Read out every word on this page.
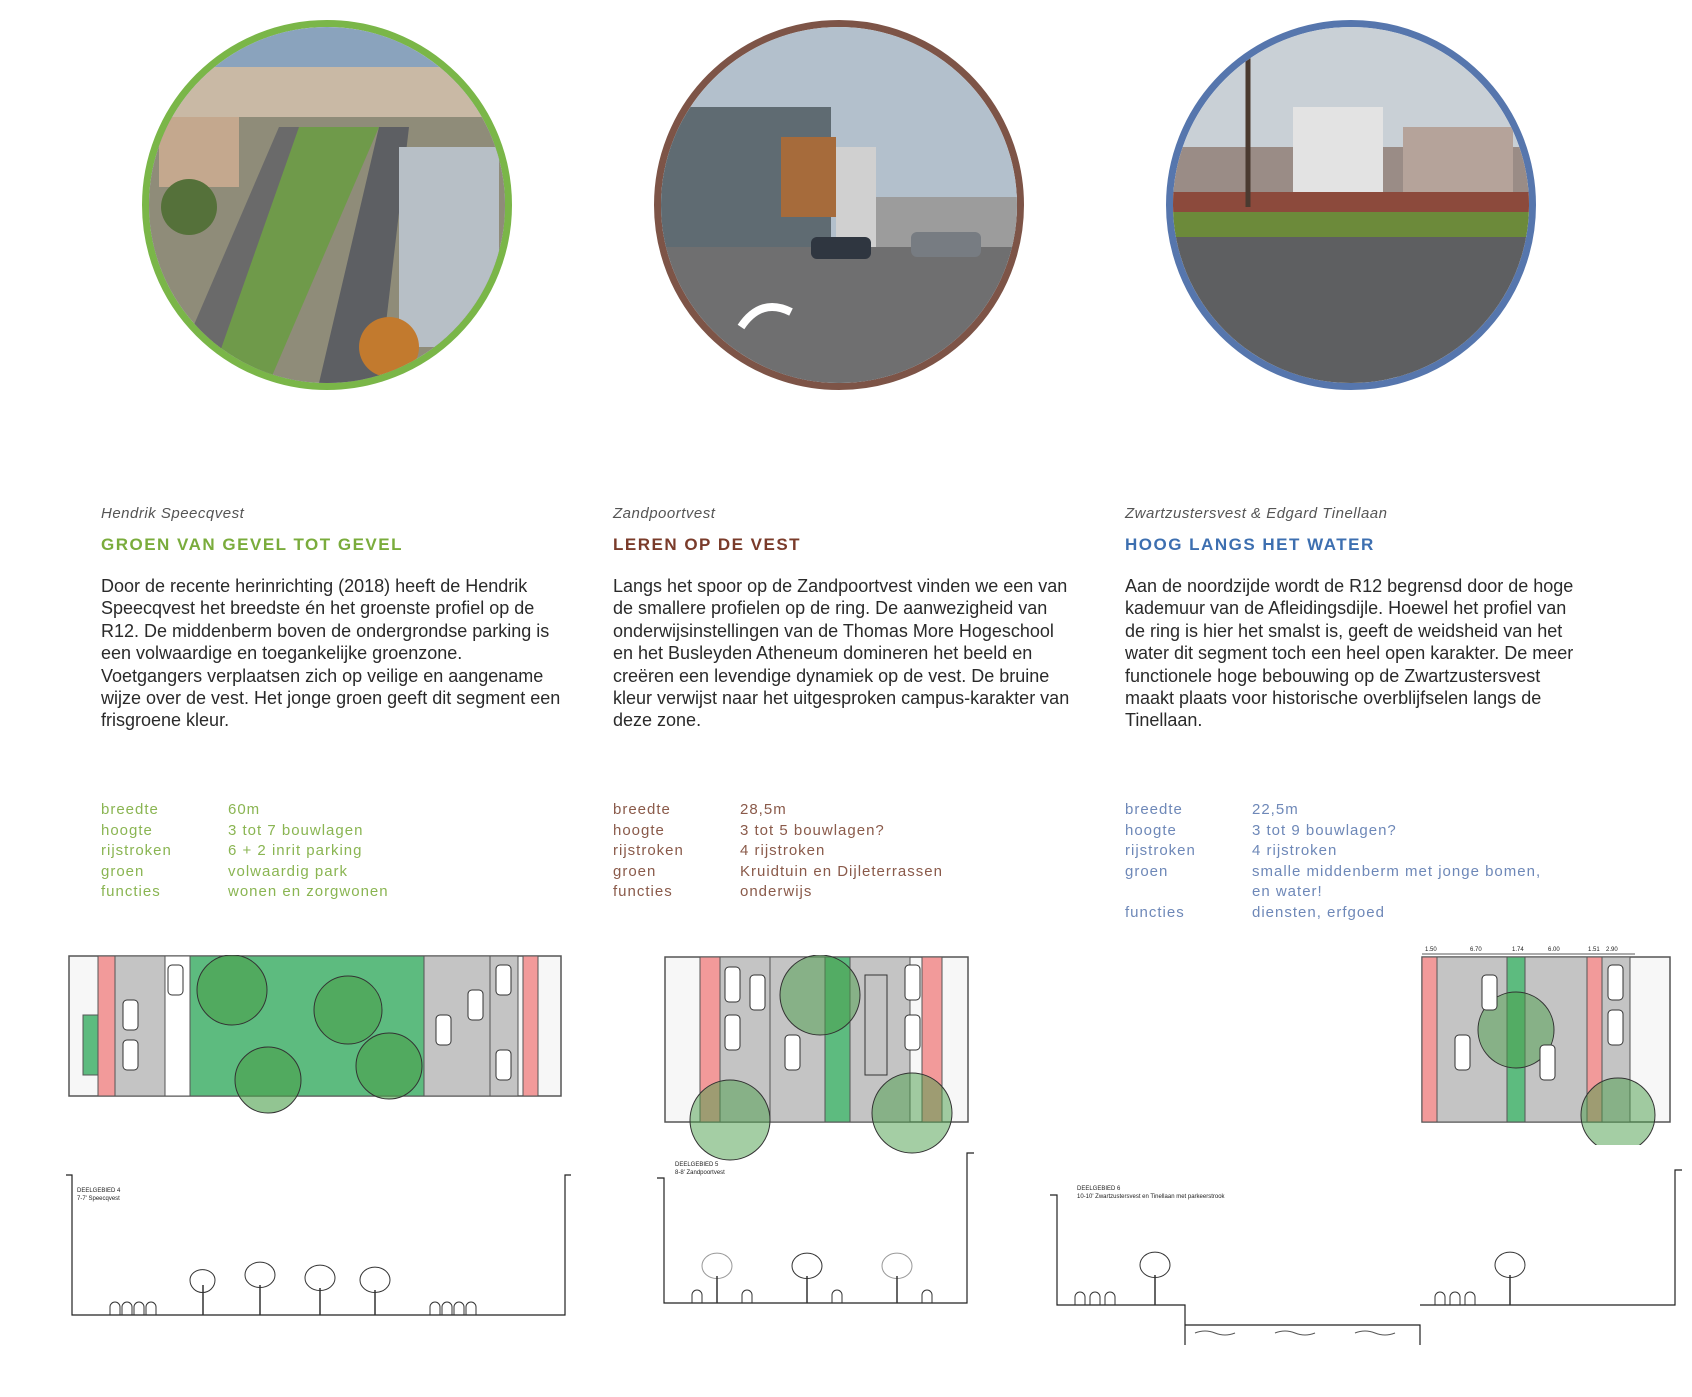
Hendrik Speecqvest
GROEN VAN GEVEL TOT GEVEL
Door de recente herinrichting (2018) heeft de Hendrik Speecqvest het breedste én het groenste profiel op de R12. De middenberm boven de ondergrondse parking is een volwaardige en toegankelijke groenzone. Voetgangers verplaatsen zich op veilige en aangename wijze over de vest. Het jonge groen geeft dit segment een frisgroene kleur.
breedte	60m
hoogte	3 tot 7 bouwlagen
rijstroken	6 + 2 inrit parking
groen	volwaardig park
functies	wonen en zorgwonen
DEELGEBIED 4
7-7' Speecqvest
Zandpoortvest
LEREN OP DE VEST
Langs het spoor op de Zandpoortvest vinden we een van de smallere profielen op de ring. De aanwezigheid van onderwijsinstellingen van de Thomas More Hogeschool en het Busleyden Atheneum domineren het beeld en creëren een levendige dynamiek op de vest. De bruine kleur verwijst naar het uitgesproken campus-karakter van deze zone.
breedte	28,5m
hoogte	3 tot 5 bouwlagen?
rijstroken	4 rijstroken
groen	Kruidtuin en Dijleterrassen
functies	onderwijs
DEELGEBIED 5
8-8' Zandpoortvest
Zwartzustersvest & Edgard Tinellaan
HOOG LANGS HET WATER
Aan de noordzijde wordt de R12 begrensd door de hoge kademuur van de Afleidingsdijle. Hoewel het profiel van de ring is hier het smalst is, geeft de weidsheid van het water dit segment toch een heel open karakter. De meer functionele hoge bebouwing op de Zwartzustersvest maakt plaats voor historische overblijfselen langs de Tinellaan.
breedte	22,5m
hoogte	3 tot 9 bouwlagen?
rijstroken	4 rijstroken
groen	smalle middenberm met jonge bomen,
en water!
functies	diensten, erfgoed
1.50	6.70	1.74	6.00	1.51 2.90
DEELGEBIED 6
10-10' Zwartzustersvest en Tinellaan met parkeerstrook
